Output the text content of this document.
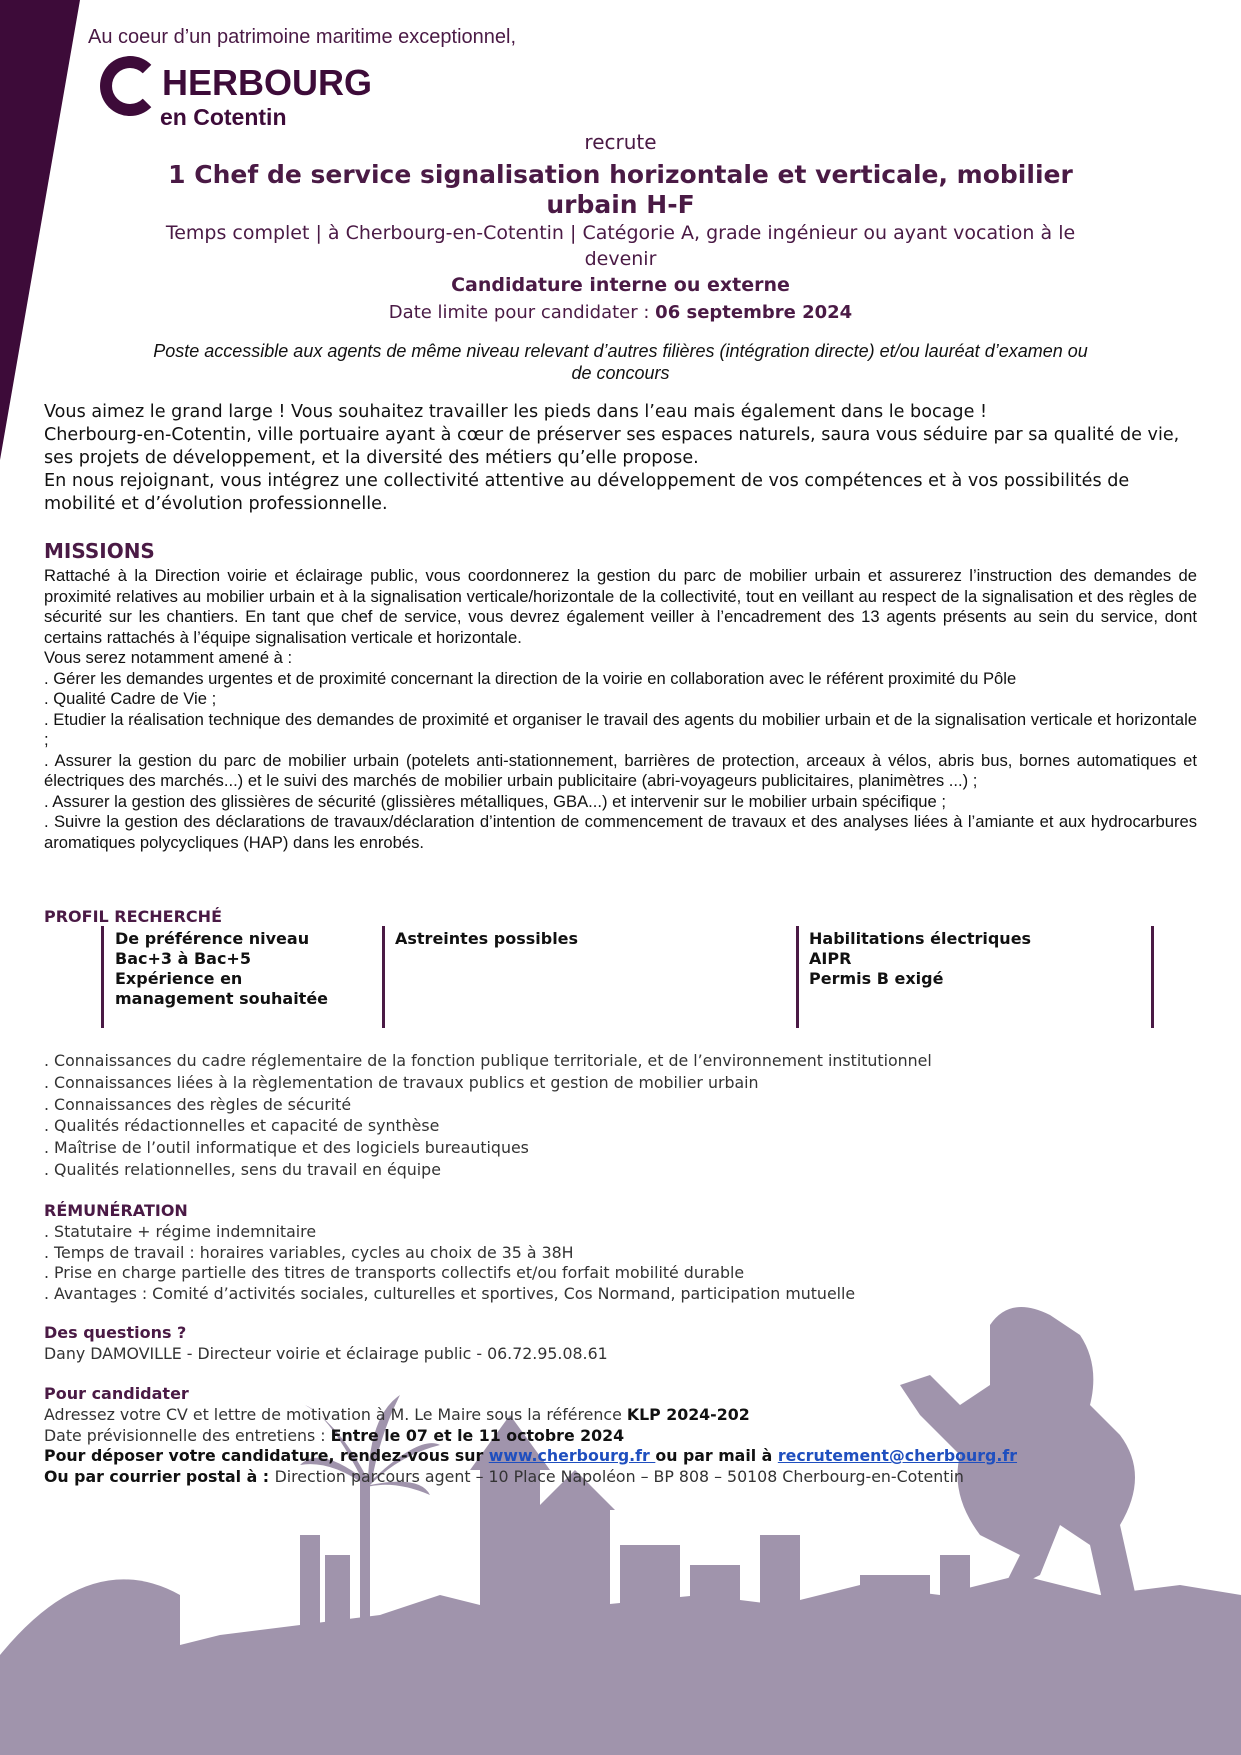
Au coeur d’un patrimoine maritime exceptionnel,
HERBOURG
en Cotentin
recrute
1 Chef de service signalisation horizontale et verticale, mobilier urbain H-F
Temps complet | à Cherbourg-en-Cotentin | Catégorie A, grade ingénieur ou ayant vocation à le devenir
Candidature interne ou externe
Date limite pour candidater : 06 septembre 2024
Poste accessible aux agents de même niveau relevant d’autres filières (intégration directe) et/ou lauréat d’examen ou de concours

Vous aimez le grand large ! Vous souhaitez travailler les pieds dans l’eau mais également dans le bocage !

Cherbourg-en-Cotentin, ville portuaire ayant à cœur de préserver ses espaces naturels, saura vous séduire par sa qualité de vie, ses projets de développement, et la diversité des métiers qu’elle propose.

En nous rejoignant, vous intégrez une collectivité attentive au développement de vos compétences et à vos possibilités de mobilité et d’évolution professionnelle.

MISSIONS

Rattaché à la Direction voirie et éclairage public, vous coordonnerez la gestion du parc de mobilier urbain et assurerez l’instruction des demandes de proximité relatives au mobilier urbain et à la signalisation verticale/horizontale de la collectivité, tout en veillant au respect de la signalisation et des règles de sécurité sur les chantiers. En tant que chef de service, vous devrez également veiller à l’encadrement des 13 agents présents au sein du service, dont certains rattachés à l’équipe signalisation verticale et horizontale.

Vous serez notamment amené à :

. Gérer les demandes urgentes et de proximité concernant la direction de la voirie en collaboration avec le référent proximité du Pôle

. Qualité Cadre de Vie ;

. Etudier la réalisation technique des demandes de proximité et organiser le travail des agents du mobilier urbain et de la signalisation verticale et horizontale ;

. Assurer la gestion du parc de mobilier urbain (potelets anti-stationnement, barrières de protection, arceaux à vélos, abris bus, bornes automatiques et électriques des marchés...) et le suivi des marchés de mobilier urbain publicitaire (abri-voyageurs publicitaires, planimètres ...) ;

. Assurer la gestion des glissières de sécurité (glissières métalliques, GBA...) et intervenir sur le mobilier urbain spécifique ;

. Suivre la gestion des déclarations de travaux/déclaration d’intention de commencement de travaux et des analyses liées à l’amiante et aux hydrocarbures aromatiques polycycliques (HAP) dans les enrobés.

PROFIL RECHERCHÉ
De préférence niveau
Bac+3 à Bac+5
Expérience en
management souhaitée
Astreintes possibles	Habilitations électriques
AIPR
Permis B exigé
. Connaissances du cadre réglementaire de la fonction publique territoriale, et de l’environnement institutionnel
. Connaissances liées à la règlementation de travaux publics et gestion de mobilier urbain
. Connaissances des règles de sécurité
. Qualités rédactionnelles et capacité de synthèse
. Maîtrise de l’outil informatique et des logiciels bureautiques
. Qualités relationnelles, sens du travail en équipe
RÉMUNÉRATION
. Statutaire + régime indemnitaire
. Temps de travail : horaires variables, cycles au choix de 35 à 38H
. Prise en charge partielle des titres de transports collectifs et/ou forfait mobilité durable
. Avantages : Comité d’activités sociales, culturelles et sportives, Cos Normand, participation mutuelle
Des questions ?
Dany DAMOVILLE - Directeur voirie et éclairage public - 06.72.95.08.61
Pour candidater
Adressez votre CV et lettre de motivation à M. Le Maire sous la référence KLP 2024-202
Date prévisionnelle des entretiens : Entre le 07 et le 11 octobre 2024
Pour déposer votre candidature, rendez-vous sur www.cherbourg.fr ou par mail à recrutement@cherbourg.fr
Ou par courrier postal à : Direction parcours agent – 10 Place Napoléon – BP 808 – 50108 Cherbourg-en-Cotentin
